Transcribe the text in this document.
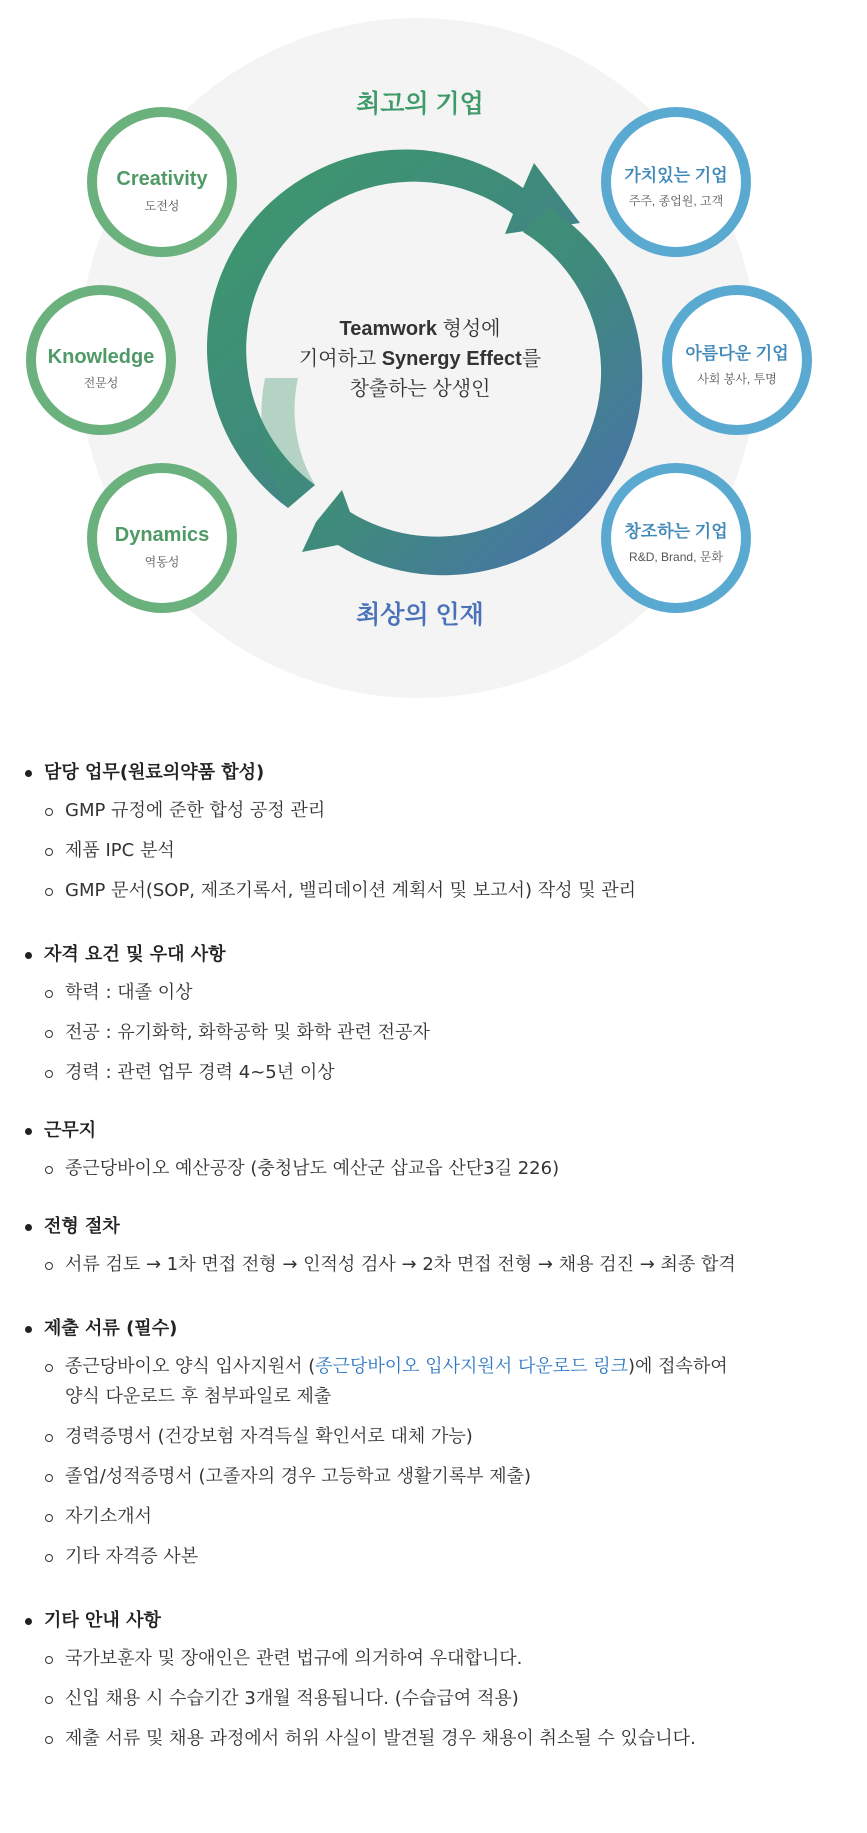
최고의 기업
최상의 인재
Teamwork 형성에
기여하고 Synergy Effect를
창출하는 상생인
Creativity
도전성
Knowledge
전문성
Dynamics
역동성
가치있는 기업
주주, 종업원, 고객
아름다운 기업
사회 봉사, 투명
창조하는 기업
R&D, Brand, 문화
담당 업무(원료의약품 합성)
GMP 규정에 준한 합성 공정 관리
제품 IPC 분석
GMP 문서(SOP, 제조기록서, 밸리데이션 계획서 및 보고서) 작성 및 관리
자격 요건 및 우대 사항
학력 : 대졸 이상
전공 : 유기화학, 화학공학 및 화학 관련 전공자
경력 : 관련 업무 경력 4~5년 이상
근무지
종근당바이오 예산공장 (충청남도 예산군 삽교읍 산단3길 226)
전형 절차
서류 검토 → 1차 면접 전형 → 인적성 검사 → 2차 면접 전형 → 채용 검진 → 최종 합격
제출 서류 (필수)
종근당바이오 양식 입사지원서 (종근당바이오 입사지원서 다운로드 링크)에 접속하여
양식 다운로드 후 첨부파일로 제출
경력증명서 (건강보험 자격득실 확인서로 대체 가능)
졸업/성적증명서 (고졸자의 경우 고등학교 생활기록부 제출)
자기소개서
기타 자격증 사본
기타 안내 사항
국가보훈자 및 장애인은 관련 법규에 의거하여 우대합니다.
신입 채용 시 수습기간 3개월 적용됩니다. (수습급여 적용)
제출 서류 및 채용 과정에서 허위 사실이 발견될 경우 채용이 취소될 수 있습니다.
